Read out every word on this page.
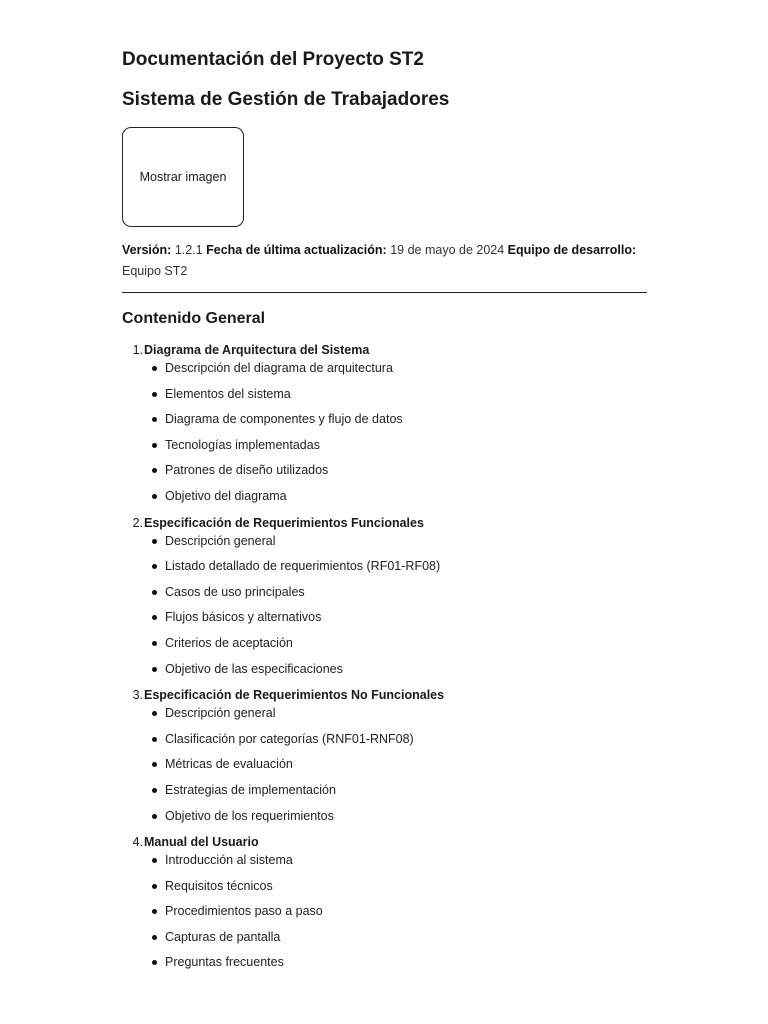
Documentación del Proyecto ST2
Sistema de Gestión de Trabajadores
Mostrar imagen
Versión: 1.2.1 Fecha de última actualización: 19 de mayo de 2024 Equipo de desarrollo: Equipo ST2
Contenido General
1. Diagrama de Arquitectura del Sistema
Descripción del diagrama de arquitectura
Elementos del sistema
Diagrama de componentes y flujo de datos
Tecnologías implementadas
Patrones de diseño utilizados
Objetivo del diagrama
2. Especificación de Requerimientos Funcionales
Descripción general
Listado detallado de requerimientos (RF01-RF08)
Casos de uso principales
Flujos básicos y alternativos
Criterios de aceptación
Objetivo de las especificaciones
3. Especificación de Requerimientos No Funcionales
Descripción general
Clasificación por categorías (RNF01-RNF08)
Métricas de evaluación
Estrategias de implementación
Objetivo de los requerimientos
4. Manual del Usuario
Introducción al sistema
Requisitos técnicos
Procedimientos paso a paso
Capturas de pantalla
Preguntas frecuentes
